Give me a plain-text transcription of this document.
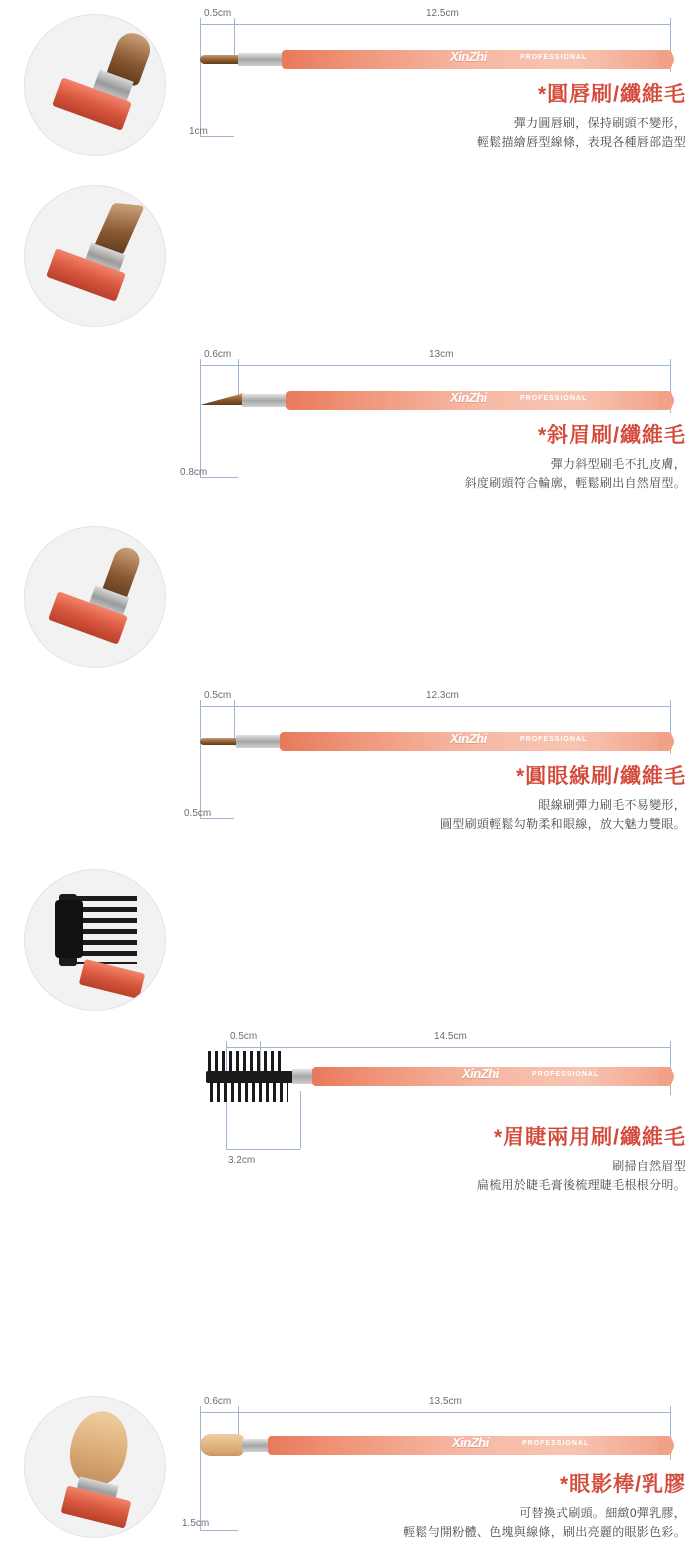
0.5cm	12.5cm
1cm
XinZhi	PROFESSIONAL
*圓唇刷/纖維毛
彈力圓唇刷，保持刷頭不變形，
輕鬆描繪唇型線條，表現各種唇部造型
0.6cm	13cm
0.8cm
XinZhi	PROFESSIONAL
*斜眉刷/纖維毛
彈力斜型刷毛不扎皮膚，
斜度刷頭符合輪廓，輕鬆刷出自然眉型。
0.5cm	12.3cm
0.5cm
XinZhi	PROFESSIONAL
*圓眼線刷/纖維毛
眼線刷彈力刷毛不易變形，
圓型刷頭輕鬆勾勒柔和眼線，放大魅力雙眼。
0.5cm	14.5cm
3.2cm
XinZhi	PROFESSIONAL
*眉睫兩用刷/纖維毛
刷掃自然眉型
扁梳用於睫毛膏後梳理睫毛根根分明。
0.6cm	13.5cm
1.5cm
XinZhi	PROFESSIONAL
*眼影棒/乳膠
可替換式刷頭。細緻0彈乳膠，
輕鬆勻開粉體、色塊與線條，刷出亮麗的眼影色彩。
